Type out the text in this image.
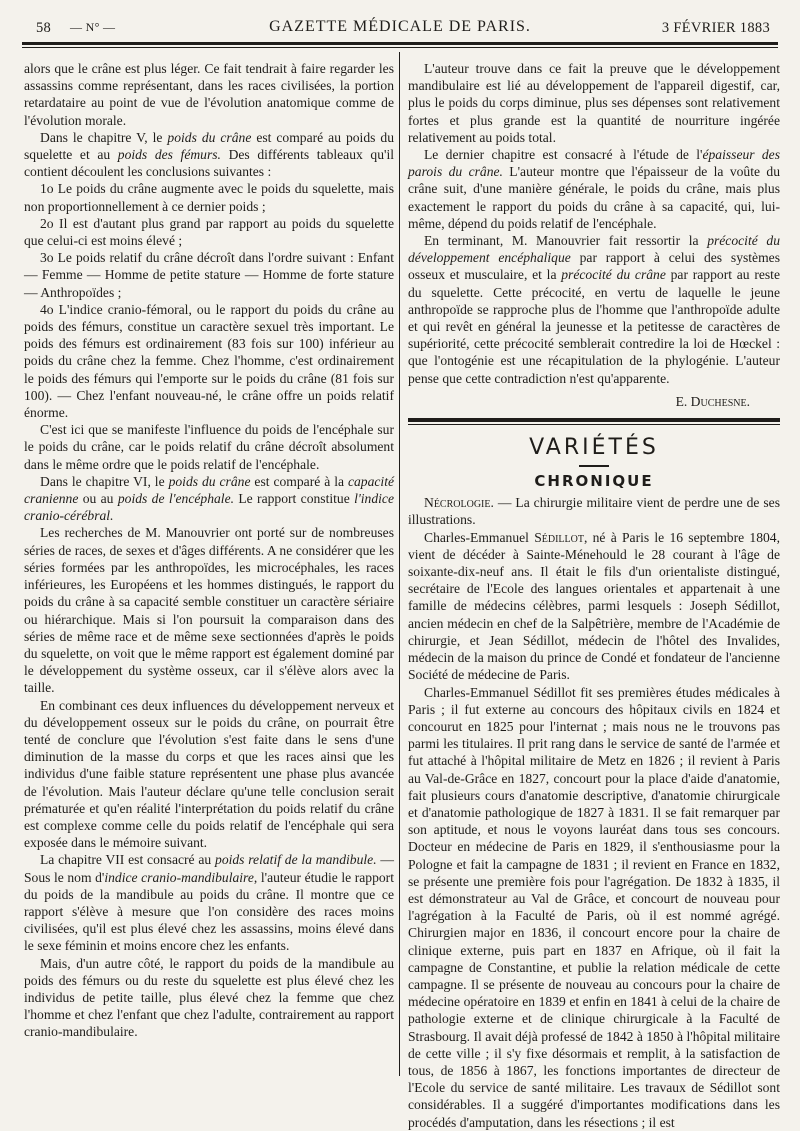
58 — N° —	GAZETTE MÉDICALE DE PARIS.	3 FÉVRIER 1883

alors que le crâne est plus léger. Ce fait tendrait à faire regarder les assassins comme représentant, dans les races civilisées, la portion retardataire au point de vue de l'évolution anatomique comme de l'évolution morale.

Dans le chapitre V, le poids du crâne est comparé au poids du squelette et au poids des fémurs. Des différents tableaux qu'il contient découlent les conclusions suivantes :

1o Le poids du crâne augmente avec le poids du squelette, mais non proportionnellement à ce dernier poids ;

2o Il est d'autant plus grand par rapport au poids du squelette que celui-ci est moins élevé ;

3o Le poids relatif du crâne décroît dans l'ordre suivant : Enfant — Femme — Homme de petite stature — Homme de forte stature — Anthropoïdes ;

4o L'indice cranio-fémoral, ou le rapport du poids du crâne au poids des fémurs, constitue un caractère sexuel très important. Le poids des fémurs est ordinairement (83 fois sur 100) inférieur au poids du crâne chez la femme. Chez l'homme, c'est ordinairement le poids des fémurs qui l'emporte sur le poids du crâne (81 fois sur 100). — Chez l'enfant nouveau-né, le crâne offre un poids relatif énorme.

C'est ici que se manifeste l'influence du poids de l'encéphale sur le poids du crâne, car le poids relatif du crâne décroît absolument dans le même ordre que le poids relatif de l'encéphale.

Dans le chapitre VI, le poids du crâne est comparé à la capacité cranienne ou au poids de l'encéphale. Le rapport constitue l'indice cranio-cérébral.

Les recherches de M. Manouvrier ont porté sur de nombreuses séries de races, de sexes et d'âges différents. A ne considérer que les séries formées par les anthropoïdes, les microcéphales, les races inférieures, les Européens et les hommes distingués, le rapport du poids du crâne à sa capacité semble constituer un caractère sériaire ou hiérarchique. Mais si l'on poursuit la comparaison dans des séries de même race et de même sexe sectionnées d'après le poids du squelette, on voit que le même rapport est également dominé par le développement du système osseux, car il s'élève alors avec la taille.

En combinant ces deux influences du développement nerveux et du développement osseux sur le poids du crâne, on pourrait être tenté de conclure que l'évolution s'est faite dans le sens d'une diminution de la masse du corps et que les races ainsi que les individus d'une faible stature représentent une phase plus avancée de l'évolution. Mais l'auteur déclare qu'une telle conclusion serait prématurée et qu'en réalité l'interprétation du poids relatif du crâne est complexe comme celle du poids relatif de l'encéphale qui sera exposée dans le mémoire suivant.

La chapitre VII est consacré au poids relatif de la mandibule. — Sous le nom d'indice cranio-mandibulaire, l'auteur étudie le rapport du poids de la mandibule au poids du crâne. Il montre que ce rapport s'élève à mesure que l'on considère des races moins civilisées, qu'il est plus élevé chez les assassins, moins élevé dans le sexe féminin et moins encore chez les enfants.

Mais, d'un autre côté, le rapport du poids de la mandibule au poids des fémurs ou du reste du squelette est plus élevé chez les individus de petite taille, plus élevé chez la femme que chez l'homme et chez l'enfant que chez l'adulte, contrairement au rapport cranio-mandibulaire.

L'auteur trouve dans ce fait la preuve que le développement mandibulaire est lié au développement de l'appareil digestif, car, plus le poids du corps diminue, plus ses dépenses sont relativement fortes et plus grande est la quantité de nourriture ingérée relativement au poids total.

Le dernier chapitre est consacré à l'étude de l'épaisseur des parois du crâne. L'auteur montre que l'épaisseur de la voûte du crâne suit, d'une manière générale, le poids du crâne, mais plus exactement le rapport du poids du crâne à sa capacité, qui, lui-même, dépend du poids relatif de l'encéphale.

En terminant, M. Manouvrier fait ressortir la précocité du développement encéphalique par rapport à celui des systèmes osseux et musculaire, et la précocité du crâne par rapport au reste du squelette. Cette précocité, en vertu de laquelle le jeune anthropoïde se rapproche plus de l'homme que l'anthropoïde adulte et qui revêt en général la jeunesse et la petitesse de caractères de supériorité, cette précocité semblerait contredire la loi de Hœckel : que l'ontogénie est une récapitulation de la phylogénie. L'auteur pense que cette contradiction n'est qu'apparente.

E. Duchesne.
VARIÉTÉS
CHRONIQUE

Nécrologie. — La chirurgie militaire vient de perdre une de ses illustrations.

Charles-Emmanuel Sédillot, né à Paris le 16 septembre 1804, vient de décéder à Sainte-Ménehould le 28 courant à l'âge de soixante-dix-neuf ans. Il était le fils d'un orientaliste distingué, secrétaire de l'Ecole des langues orientales et appartenait à une famille de médecins célèbres, parmi lesquels : Joseph Sédillot, ancien médecin en chef de la Salpêtrière, membre de l'Académie de chirurgie, et Jean Sédillot, médecin de l'hôtel des Invalides, médecin de la maison du prince de Condé et fondateur de l'ancienne Société de médecine de Paris.

Charles-Emmanuel Sédillot fit ses premières études médicales à Paris ; il fut externe au concours des hôpitaux civils en 1824 et concourut en 1825 pour l'internat ; mais nous ne le trouvons pas parmi les titulaires. Il prit rang dans le service de santé de l'armée et fut attaché à l'hôpital militaire de Metz en 1826 ; il revient à Paris au Val-de-Grâce en 1827, concourt pour la place d'aide d'anatomie, fait plusieurs cours d'anatomie descriptive, d'anatomie chirurgicale et d'anatomie pathologique de 1827 à 1831. Il se fait remarquer par son aptitude, et nous le voyons lauréat dans tous ses concours. Docteur en médecine de Paris en 1829, il s'enthousiasme pour la Pologne et fait la campagne de 1831 ; il revient en France en 1832, se présente une première fois pour l'agrégation. De 1832 à 1835, il est démonstrateur au Val de Grâce, et concourt de nouveau pour l'agrégation à la Faculté de Paris, où il est nommé agrégé. Chirurgien major en 1836, il concourt encore pour la chaire de clinique externe, puis part en 1837 en Afrique, où il fait la campagne de Constantine, et publie la relation médicale de cette campagne. Il se présente de nouveau au concours pour la chaire de médecine opératoire en 1839 et enfin en 1841 à celui de la chaire de pathologie externe et de clinique chirurgicale à la Faculté de Strasbourg. Il avait déjà professé de 1842 à 1850 à l'hôpital militaire de cette ville ; il s'y fixe désormais et remplit, à la satisfaction de tous, de 1856 à 1867, les fonctions importantes de directeur de l'Ecole du service de santé militaire. Les travaux de Sédillot sont considérables. Il a suggéré d'importantes modifications dans les procédés d'amputation, dans les résections ; il est
